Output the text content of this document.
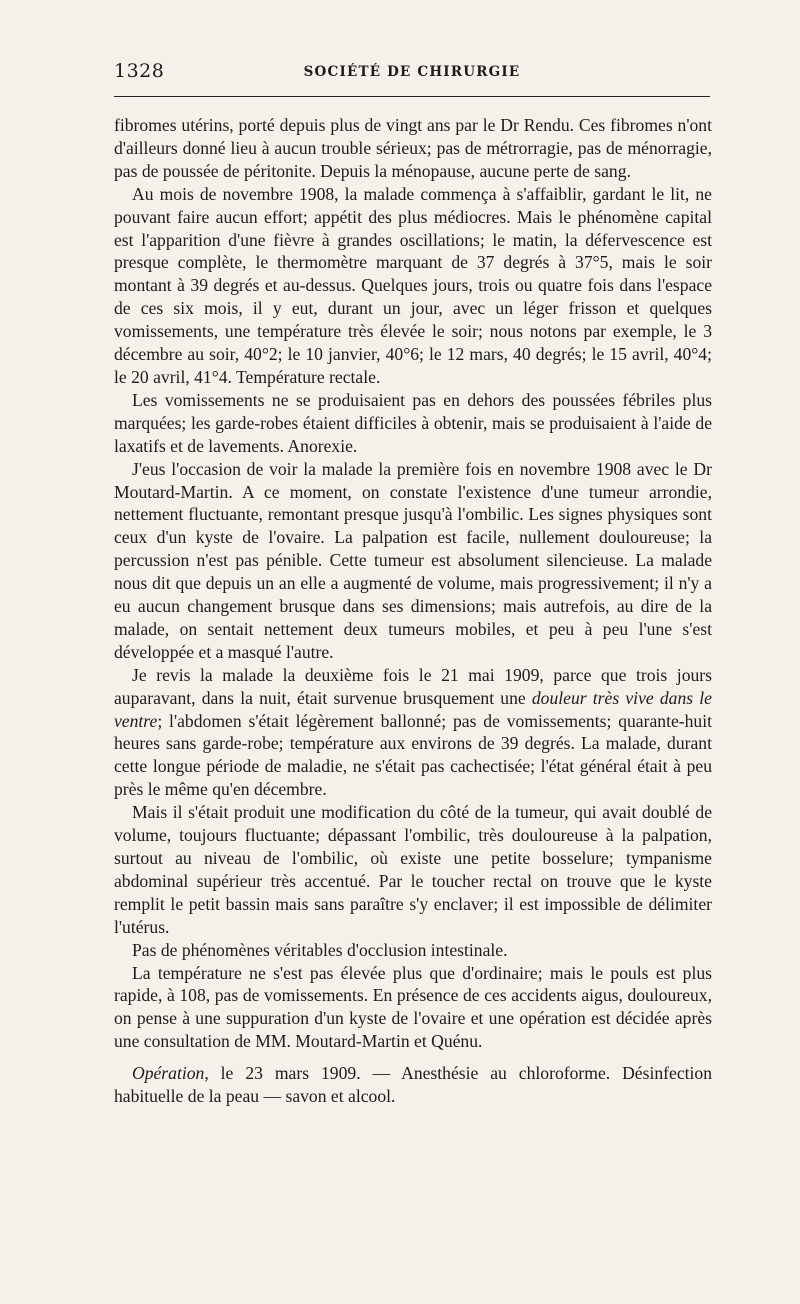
1328	SOCIÉTÉ DE CHIRURGIE

fibromes utérins, porté depuis plus de vingt ans par le Dr Rendu. Ces fibromes n'ont d'ailleurs donné lieu à aucun trouble sérieux; pas de métrorragie, pas de ménorragie, pas de poussée de péritonite. Depuis la ménopause, aucune perte de sang.

Au mois de novembre 1908, la malade commença à s'affaiblir, gardant le lit, ne pouvant faire aucun effort; appétit des plus médiocres. Mais le phénomène capital est l'apparition d'une fièvre à grandes oscillations; le matin, la défervescence est presque complète, le thermomètre marquant de 37 degrés à 37°5, mais le soir montant à 39 degrés et au-dessus. Quelques jours, trois ou quatre fois dans l'espace de ces six mois, il y eut, durant un jour, avec un léger frisson et quelques vomissements, une température très élevée le soir; nous notons par exemple, le 3 décembre au soir, 40°2; le 10 janvier, 40°6; le 12 mars, 40 degrés; le 15 avril, 40°4; le 20 avril, 41°4. Température rectale.

Les vomissements ne se produisaient pas en dehors des poussées fébriles plus marquées; les garde-robes étaient difficiles à obtenir, mais se produisaient à l'aide de laxatifs et de lavements. Anorexie.

J'eus l'occasion de voir la malade la première fois en novembre 1908 avec le Dr Moutard-Martin. A ce moment, on constate l'existence d'une tumeur arrondie, nettement fluctuante, remontant presque jusqu'à l'ombilic. Les signes physiques sont ceux d'un kyste de l'ovaire. La palpation est facile, nullement douloureuse; la percussion n'est pas pénible. Cette tumeur est absolument silencieuse. La malade nous dit que depuis un an elle a augmenté de volume, mais progressivement; il n'y a eu aucun changement brusque dans ses dimensions; mais autrefois, au dire de la malade, on sentait nettement deux tumeurs mobiles, et peu à peu l'une s'est développée et a masqué l'autre.

Je revis la malade la deuxième fois le 21 mai 1909, parce que trois jours auparavant, dans la nuit, était survenue brusquement une douleur très vive dans le ventre; l'abdomen s'était légèrement ballonné; pas de vomissements; quarante-huit heures sans garde-robe; température aux environs de 39 degrés. La malade, durant cette longue période de maladie, ne s'était pas cachectisée; l'état général était à peu près le même qu'en décembre.

Mais il s'était produit une modification du côté de la tumeur, qui avait doublé de volume, toujours fluctuante; dépassant l'ombilic, très douloureuse à la palpation, surtout au niveau de l'ombilic, où existe une petite bosselure; tympanisme abdominal supérieur très accentué. Par le toucher rectal on trouve que le kyste remplit le petit bassin mais sans paraître s'y enclaver; il est impossible de délimiter l'utérus.

Pas de phénomènes véritables d'occlusion intestinale.

La température ne s'est pas élevée plus que d'ordinaire; mais le pouls est plus rapide, à 108, pas de vomissements. En présence de ces accidents aigus, douloureux, on pense à une suppuration d'un kyste de l'ovaire et une opération est décidée après une consultation de MM. Moutard-Martin et Quénu.

Opération, le 23 mars 1909. — Anesthésie au chloroforme. Désinfection habituelle de la peau — savon et alcool.
